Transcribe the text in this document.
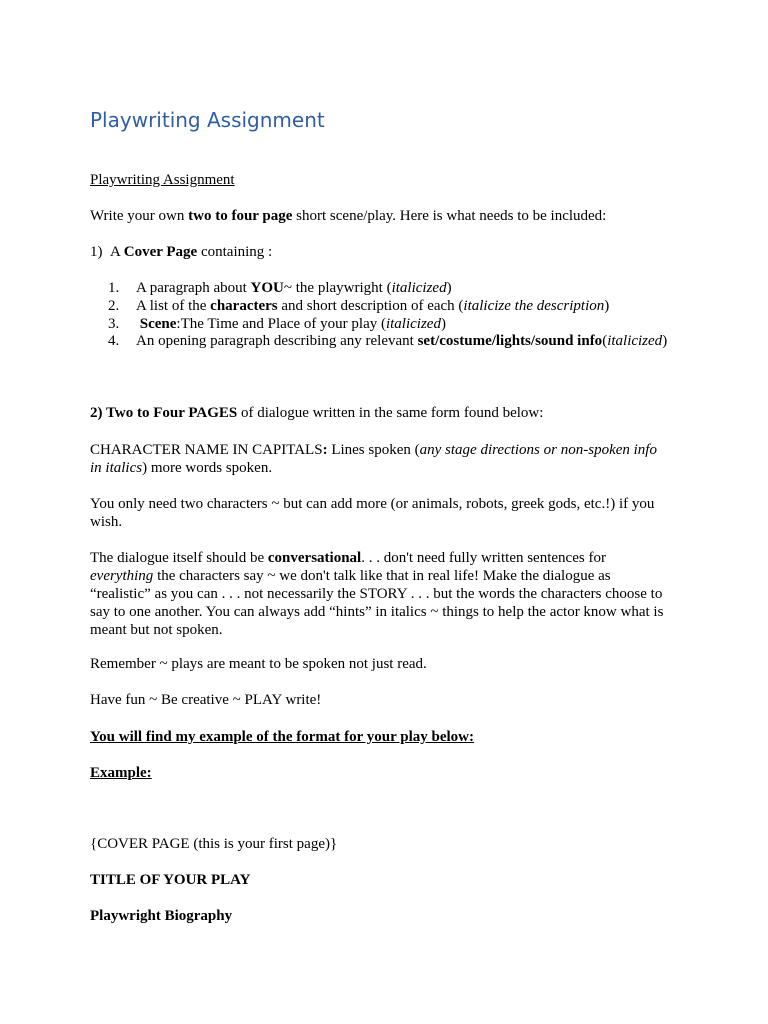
Playwriting Assignment

Playwriting Assignment

Write your own two to four page short scene/play. Here is what needs to be included:

1) A Cover Page containing :

1. A paragraph about YOU~ the playwright (italicized)

2. A list of the characters and short description of each (italicize the description)

3. Scene:The Time and Place of your play (italicized)

4. An opening paragraph describing any relevant set/costume/lights/sound info(italicized)

2) Two to Four PAGES of dialogue written in the same form found below:

CHARACTER NAME IN CAPITALS: Lines spoken (any stage directions or non-spoken info in italics) more words spoken.

You only need two characters ~ but can add more (or animals, robots, greek gods, etc.!) if you wish.

The dialogue itself should be conversational. . . don't need fully written sentences for everything the characters say ~ we don't talk like that in real life! Make the dialogue as “realistic” as you can . . . not necessarily the STORY . . . but the words the characters choose to say to one another. You can always add “hints” in italics ~ things to help the actor know what is meant but not spoken.

Remember ~ plays are meant to be spoken not just read.

Have fun ~ Be creative ~ PLAY write!

You will find my example of the format for your play below:

Example:

{COVER PAGE (this is your first page)}

TITLE OF YOUR PLAY

Playwright Biography
